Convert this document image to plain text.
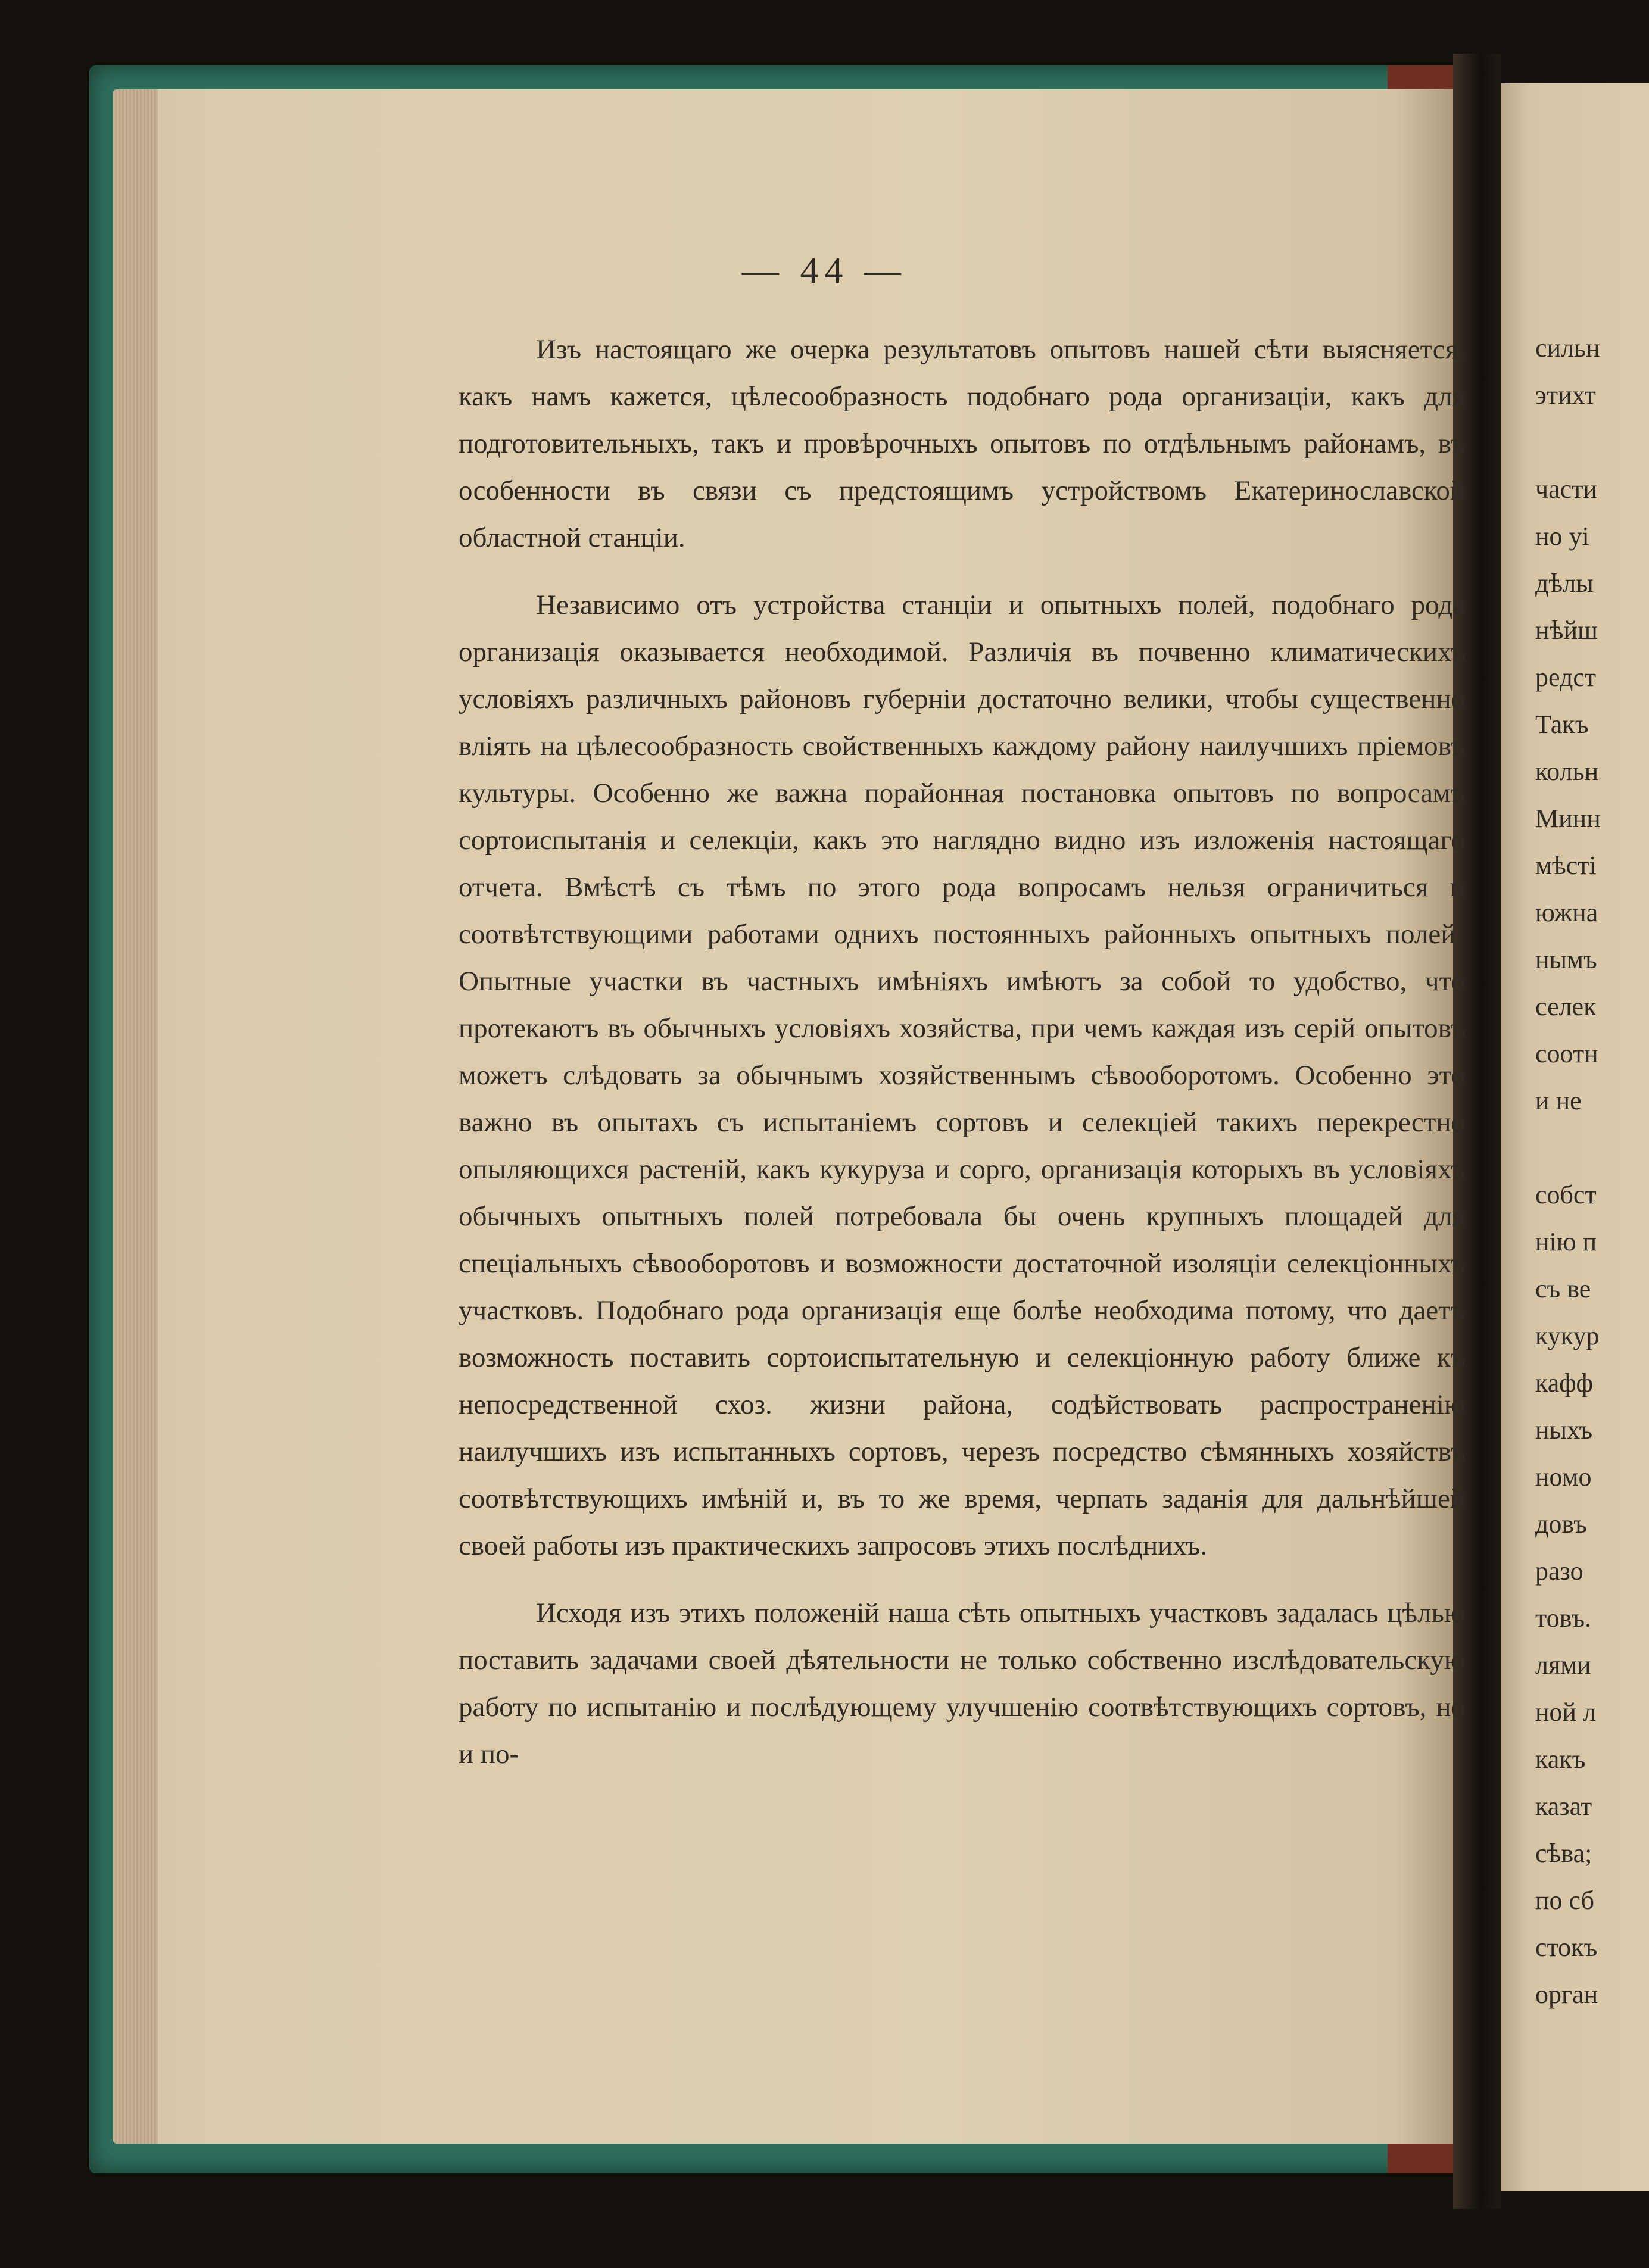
— 44 —

Изъ настоящаго же очерка результатовъ опытовъ нашей сѣти выясняется, какъ намъ кажется, цѣлесообразность подобнаго рода организаціи, какъ для подготовительныхъ, такъ и провѣрочныхъ опытовъ по отдѣльнымъ районамъ, въ особенности въ связи съ предстоящимъ устройствомъ Екатеринославской областной станціи.

Независимо отъ устройства станціи и опытныхъ полей, подобнаго рода организація оказывается необходимой. Различія въ почвенно климатическихъ условіяхъ различныхъ районовъ губерніи достаточно велики, чтобы существенно вліять на цѣлесообразность свойственныхъ каждому району наилучшихъ пріемовъ культуры. Особенно же важна порайонная постановка опытовъ по вопросамъ сортоиспытанія и селекціи, какъ это наглядно видно изъ изложенія настоящаго отчета. Вмѣстѣ съ тѣмъ по этого рода вопросамъ нельзя ограничиться и соотвѣтствующими работами однихъ постоянныхъ районныхъ опытныхъ полей· Опытные участки въ частныхъ имѣніяхъ имѣютъ за собой то удобство, что протекаютъ въ обычныхъ условіяхъ хозяйства, при чемъ каждая изъ серій опытовъ можетъ слѣдовать за обычнымъ хозяйственнымъ сѣвооборотомъ. Особенно это важно въ опытахъ съ испытаніемъ сортовъ и селекціей такихъ перекрестно опыляющихся растеній, какъ кукуруза и сорго, организація которыхъ въ условіяхъ обычныхъ опытныхъ полей потребовала бы очень крупныхъ площадей для спеціальныхъ сѣвооборотовъ и возможности достаточной изоляціи селекціонныхъ участковъ. Подобнаго рода организація еще болѣе необходима потому, что даетъ возможность поставить сортоиспытательную и селекціонную работу ближе къ непосредственной схоз. жизни района, содѣйствовать распространенію наилучшихъ изъ испытанныхъ сортовъ, черезъ посредство сѣмянныхъ хозяйствъ соотвѣтствующихъ имѣній и, въ то же время, черпать заданія для дальнѣйшей своей работы изъ практическихъ запросовъ этихъ послѣднихъ.

Исходя изъ этихъ положеній наша сѣть опытныхъ участковъ задалась цѣлью поставить задачами своей дѣятельности не только собственно изслѣдовательскую работу по испытанію и послѣдующему улучшенію соотвѣтствующихъ сортовъ, но и по-

сильн
этихт
части
но уі
дѣлы
нѣйш
редст
Такъ
кольн
Минн
мѣсті
южна
нымъ
селек
соотн
и не
собст
нію п
съ ве
кукур
кафф
ныхъ
номо
довъ
разо
товъ.
лями
ной л
какъ
казат
сѣва;
по сб
стокъ
орган
